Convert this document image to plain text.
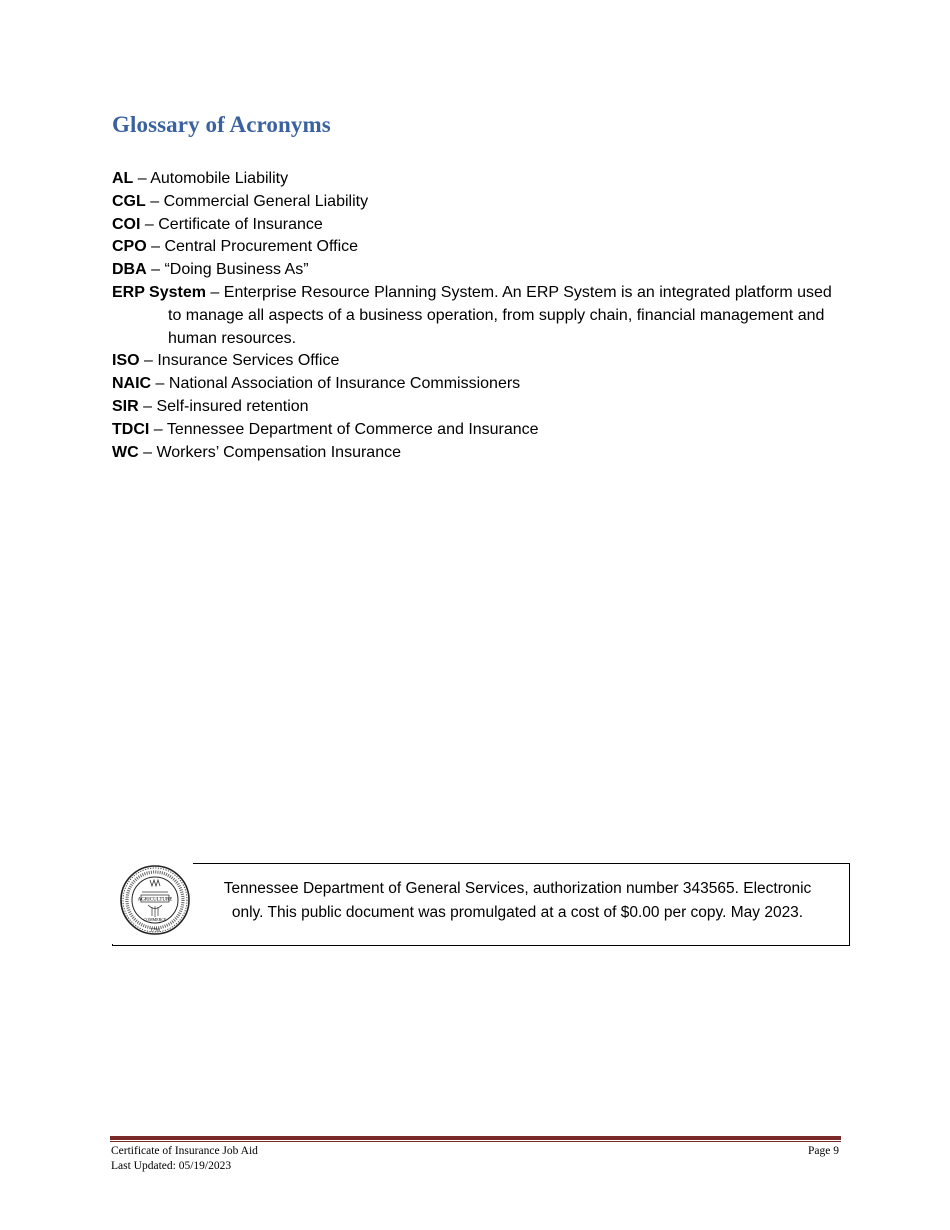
Glossary of Acronyms

AL – Automobile Liability

CGL – Commercial General Liability

COI – Certificate of Insurance

CPO – Central Procurement Office

DBA – “Doing Business As”

ERP System – Enterprise Resource Planning System. An ERP System is an integrated platform used to manage all aspects of a business operation, from supply chain, financial management and human resources.

ISO – Insurance Services Office

NAIC – National Association of Insurance Commissioners

SIR – Self-insured retention

TDCI – Tennessee Department of Commerce and Insurance

WC – Workers’ Compensation Insurance

AGRICULTURE
COMMERCE
1796
Tennessee Department of General Services, authorization number 343565. Electronic
only. This public document was promulgated at a cost of $0.00 per copy. May 2023.
Certificate of Insurance Job Aid
Last Updated: 05/19/2023
Page 9
